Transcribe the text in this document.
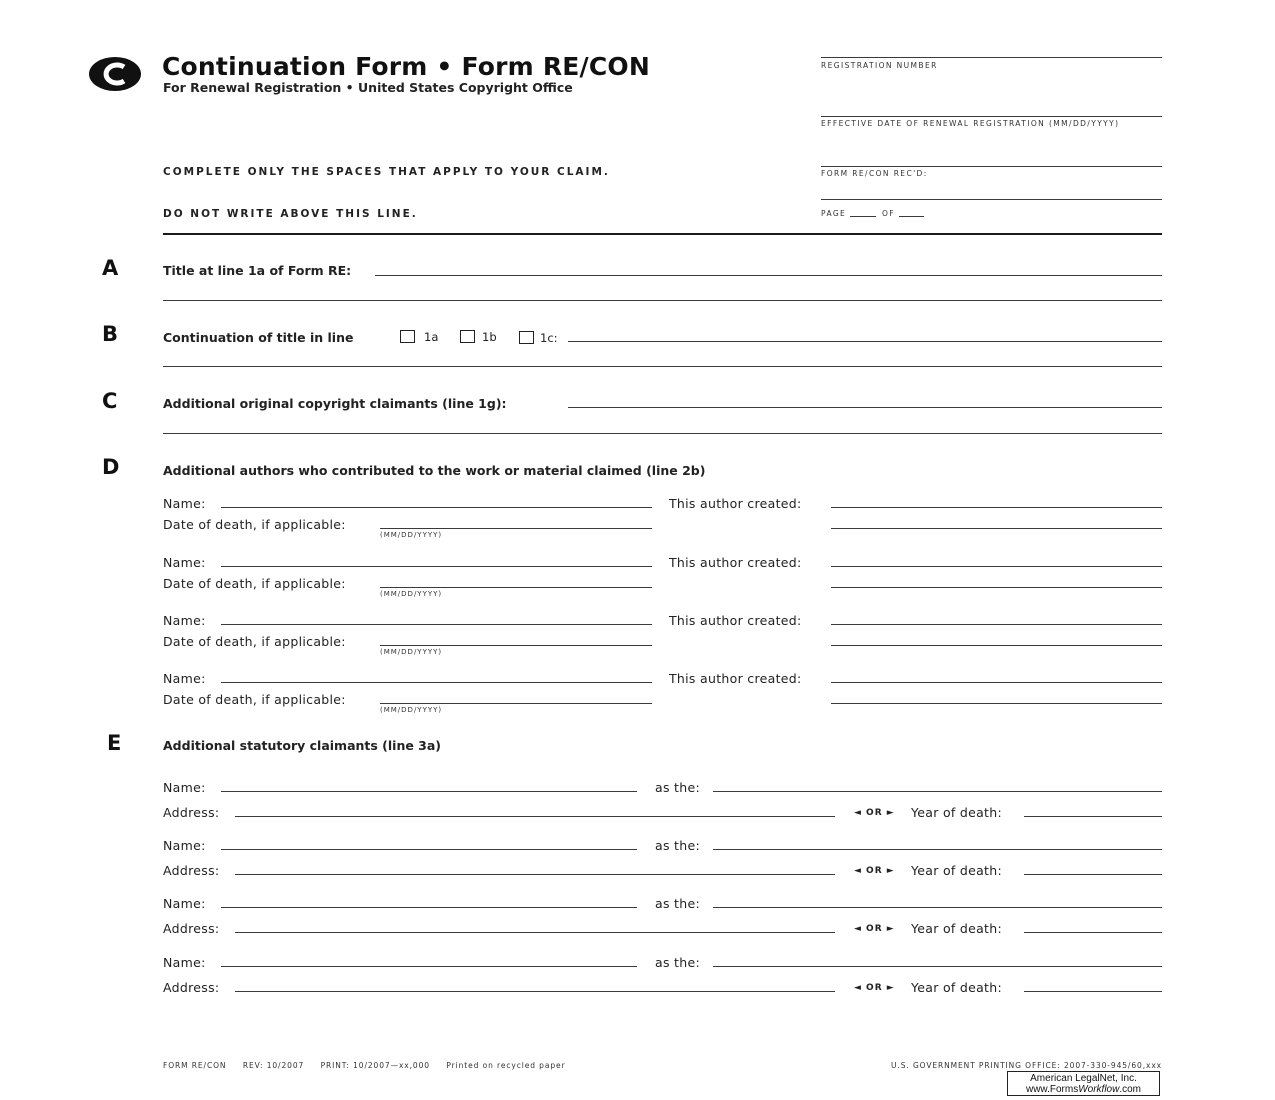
Continuation Form • Form RE/CON
For Renewal Registration • United States Copyright Office
REGISTRATION NUMBER
EFFECTIVE DATE OF RENEWAL REGISTRATION (MM/DD/YYYY)
FORM RE/CON REC'D:
PAGE	OF
COMPLETE ONLY THE SPACES THAT APPLY TO YOUR CLAIM.
DO NOT WRITE ABOVE THIS LINE.
A	Title at line 1a of Form RE:
B	Continuation of title in line	1a	1b	1c:
C	Additional original copyright claimants (line 1g):
D	Additional authors who contributed to the work or material claimed (line 2b)
Name:	This author created:
Date of death, if applicable:
(MM/DD/YYYY)
Name:	This author created:
Date of death, if applicable:
(MM/DD/YYYY)
Name:	This author created:
Date of death, if applicable:
(MM/DD/YYYY)
Name:	This author created:
Date of death, if applicable:
(MM/DD/YYYY)
E	Additional statutory claimants (line 3a)
Name:	as the:
Address:	◄ OR ► Year of death:
Name:	as the:
Address:	◄ OR ► Year of death:
Name:	as the:
Address:	◄ OR ► Year of death:
Name:	as the:
Address:	◄ OR ► Year of death:
FORM RE/CON     REV: 10/2007     PRINT: 10/2007—xx,000     Printed on recycled paper	U.S. GOVERNMENT PRINTING OFFICE: 2007-330-945/60,xxx
American LegalNet, Inc.
www.FormsWorkflow.com
